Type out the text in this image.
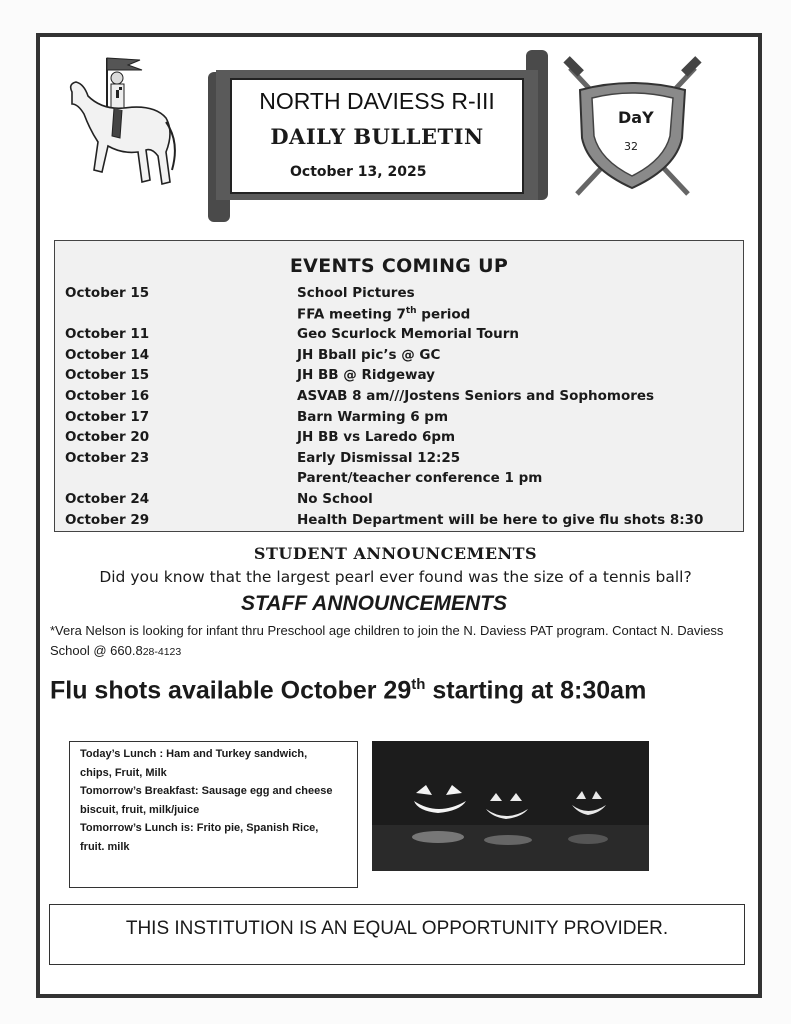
NORTH DAVIESS R-III
DAILY BULLETIN
October 13, 2025
DaY
32
EVENTS COMING UP
October 15	School Pictures
FFA meeting 7th period
October 11	Geo Scurlock Memorial Tourn
October 14	JH Bball pic’s @ GC
October 15	JH BB @ Ridgeway
October 16	ASVAB 8 am///Jostens Seniors and Sophomores
October 17	Barn Warming 6 pm
October 20	JH BB vs Laredo 6pm
October 23	Early Dismissal 12:25
Parent/teacher conference 1 pm
October 24	No School
October 29	Health Department will be here to give flu shots 8:30
STUDENT ANNOUNCEMENTS
Did you know that the largest pearl ever found was the size of a tennis ball?
STAFF ANNOUNCEMENTS
*Vera Nelson is looking for infant thru Preschool age children to join the N. Daviess PAT program. Contact N. Daviess School @ 660.828-4123
Flu shots available October 29th starting at 8:30am
Today’s Lunch : Ham and Turkey sandwich,
chips, Fruit, Milk
Tomorrow’s Breakfast: Sausage egg and cheese
biscuit, fruit, milk/juice
Tomorrow’s Lunch is: Frito pie, Spanish Rice,
fruit. milk
THIS INSTITUTION IS AN EQUAL OPPORTUNITY PROVIDER.
